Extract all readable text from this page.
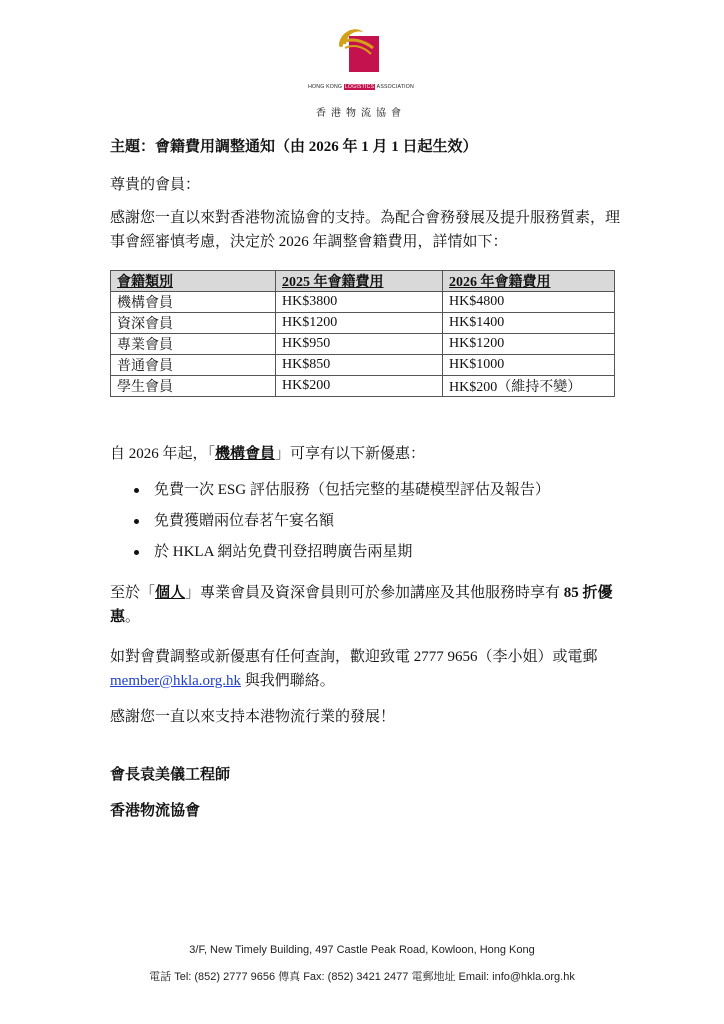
HONG KONG LOGISTICS ASSOCIATION
香港物流協會

主題：會籍費用調整通知（由 2026 年 1 月 1 日起生效）

尊貴的會員：

感謝您一直以來對香港物流協會的支持。為配合會務發展及提升服務質素，理事會經審慎考慮，決定於 2026 年調整會籍費用，詳情如下：

會籍類別	2025 年會籍費用	2026 年會籍費用
機構會員	HK$3800	HK$4800
資深會員	HK$1200	HK$1400
專業會員	HK$950	HK$1200
普通會員	HK$850	HK$1000
學生會員	HK$200	HK$200（維持不變）

自 2026 年起，「機構會員」可享有以下新優惠：

免費一次 ESG 評估服務（包括完整的基礎模型評估及報告）
免費獲贈兩位春茗午宴名額
於 HKLA 網站免費刊登招聘廣告兩星期

至於「個人」專業會員及資深會員則可於參加講座及其他服務時享有 85 折優惠。

如對會費調整或新優惠有任何查詢，歡迎致電 2777 9656（李小姐）或電郵
member@hkla.org.hk 與我們聯絡。

感謝您一直以來支持本港物流行業的發展！

會長袁美儀工程師

香港物流協會

3/F, New Timely Building, 497 Castle Peak Road, Kowloon, Hong Kong
電話 Tel: (852) 2777 9656 傳真 Fax: (852) 3421 2477 電郵地址 Email: info@hkla.org.hk
